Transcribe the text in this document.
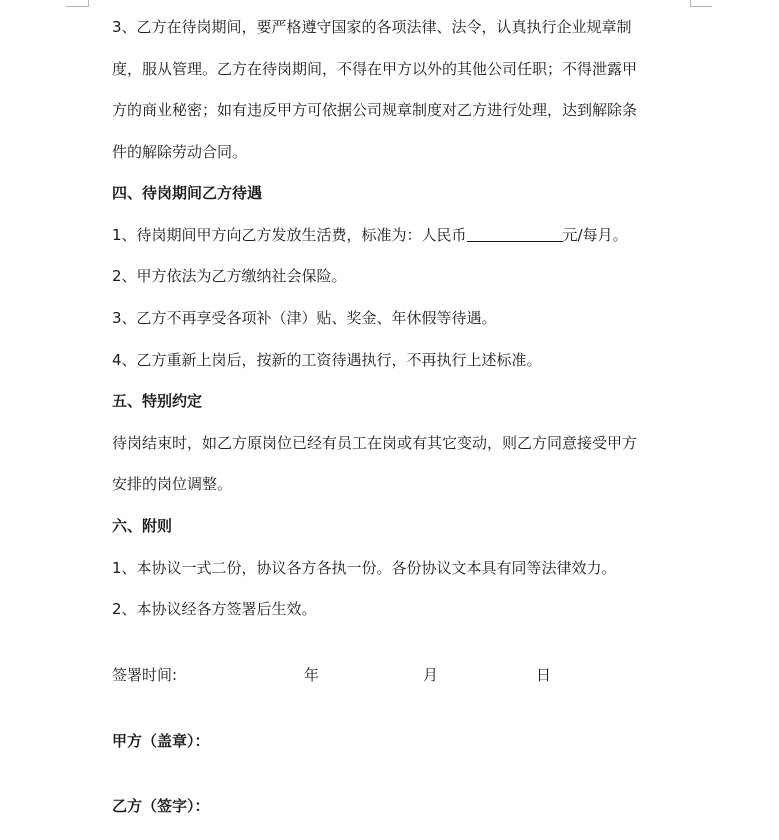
3、乙方在待岗期间，要严格遵守国家的各项法律、法令，认真执行企业规章制
度，服从管理。乙方在待岗期间，不得在甲方以外的其他公司任职；不得泄露甲
方的商业秘密；如有违反甲方可依据公司规章制度对乙方进行处理，达到解除条
件的解除劳动合同。
四、待岗期间乙方待遇
1、待岗期间甲方向乙方发放生活费，标准为：人民币	元/每月。
2、甲方依法为乙方缴纳社会保险。
3、乙方不再享受各项补（津）贴、奖金、年休假等待遇。
4、乙方重新上岗后，按新的工资待遇执行，不再执行上述标准。
五、特别约定
待岗结束时，如乙方原岗位已经有员工在岗或有其它变动，则乙方同意接受甲方
安排的岗位调整。
六、附则
1、本协议一式二份，协议各方各执一份。各份协议文本具有同等法律效力。
2、本协议经各方签署后生效。
签署时间:	年	月	日
甲方（盖章）：
乙方（签字）：
